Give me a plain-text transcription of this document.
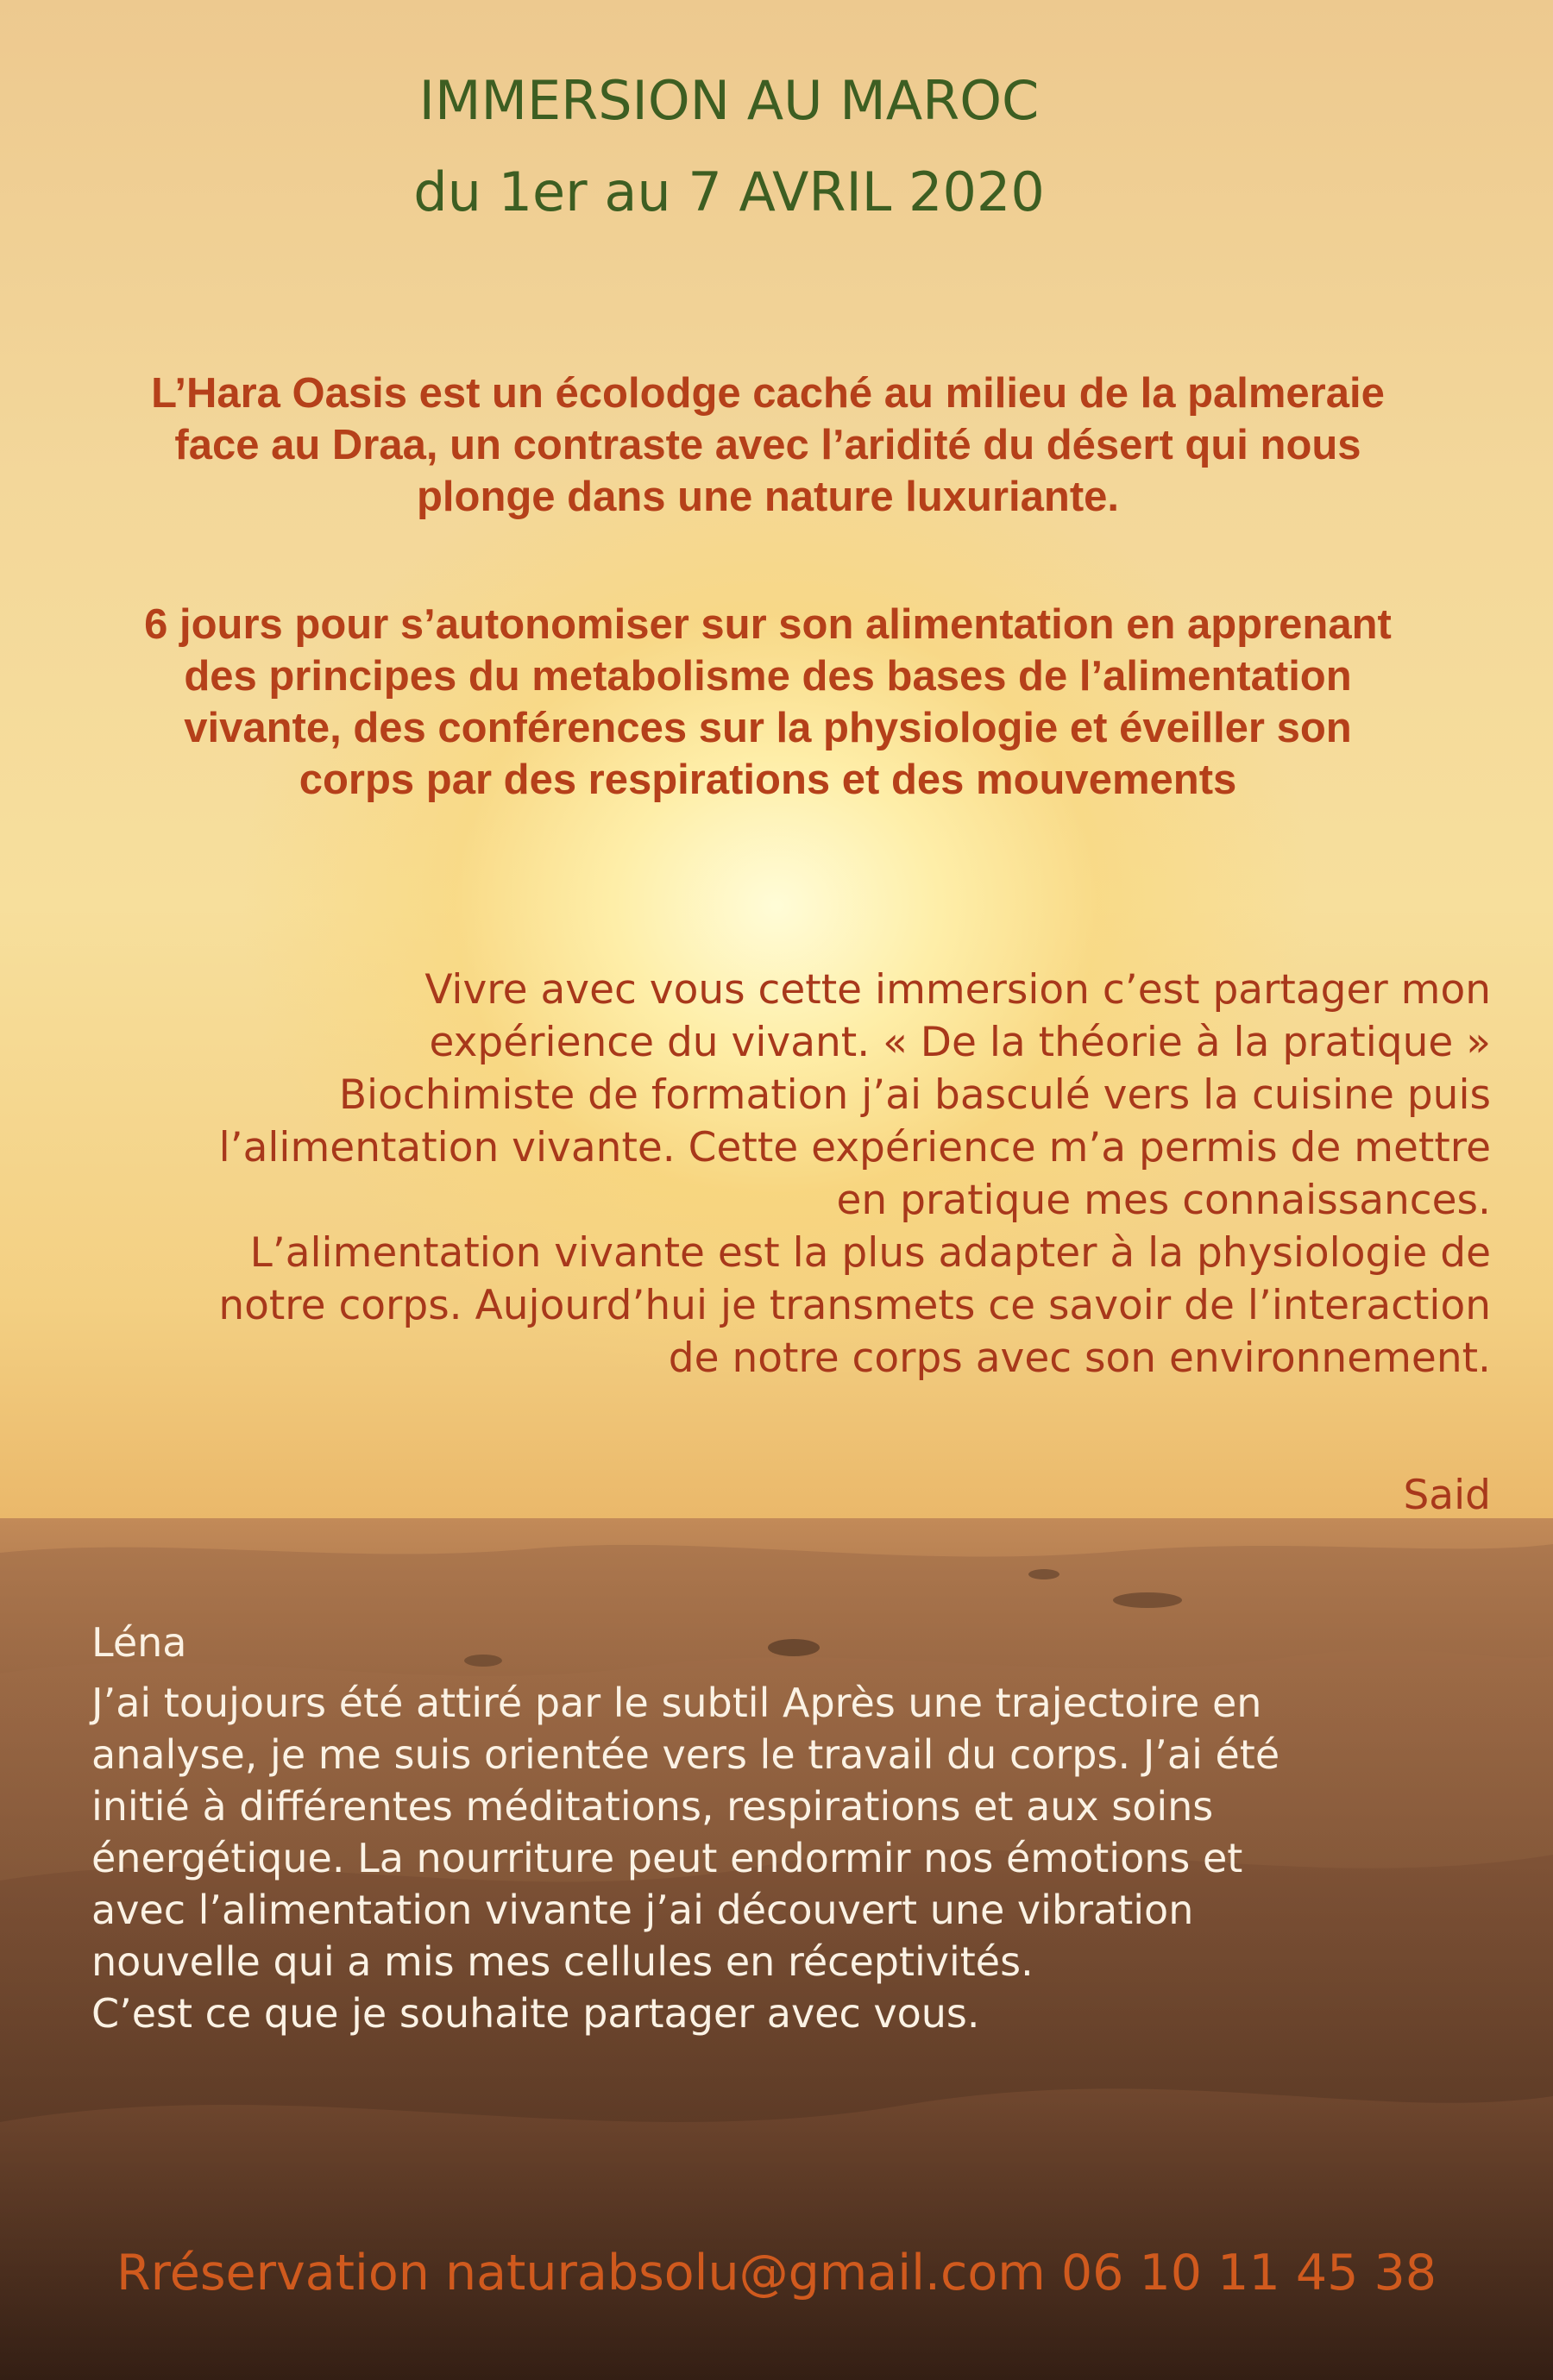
IMMERSION AU MAROC
du 1er au 7 AVRIL 2020
L’Hara Oasis est un écolodge caché au milieu de la palmeraie
face au Draa, un contraste avec l’aridité du désert qui nous
plonge dans une nature luxuriante.
6 jours pour s’autonomiser sur son alimentation en apprenant
des principes du metabolisme des bases de l’alimentation
vivante, des conférences sur la physiologie et éveiller son
corps par des respirations et des mouvements
Vivre avec vous cette immersion c’est partager mon
expérience du vivant. « De la théorie à la pratique »
Biochimiste de formation j’ai basculé vers la cuisine puis
l’alimentation vivante. Cette expérience m’a permis de mettre
en pratique mes connaissances.
L’alimentation vivante est la plus adapter à la physiologie de
notre corps. Aujourd’hui je transmets ce savoir de l’interaction
de notre corps avec son environnement.
Said
Léna
J’ai toujours été attiré par le subtil Après une trajectoire en
analyse, je me suis orientée vers le travail du corps. J’ai été
initié à différentes méditations, respirations et aux soins
énergétique. La nourriture peut endormir nos émotions et
avec l’alimentation vivante j’ai découvert une vibration
nouvelle qui a mis mes cellules en réceptivités.
C’est ce que je souhaite partager avec vous.
Rréservation naturabsolu@gmail.com 06 10 11 45 38
